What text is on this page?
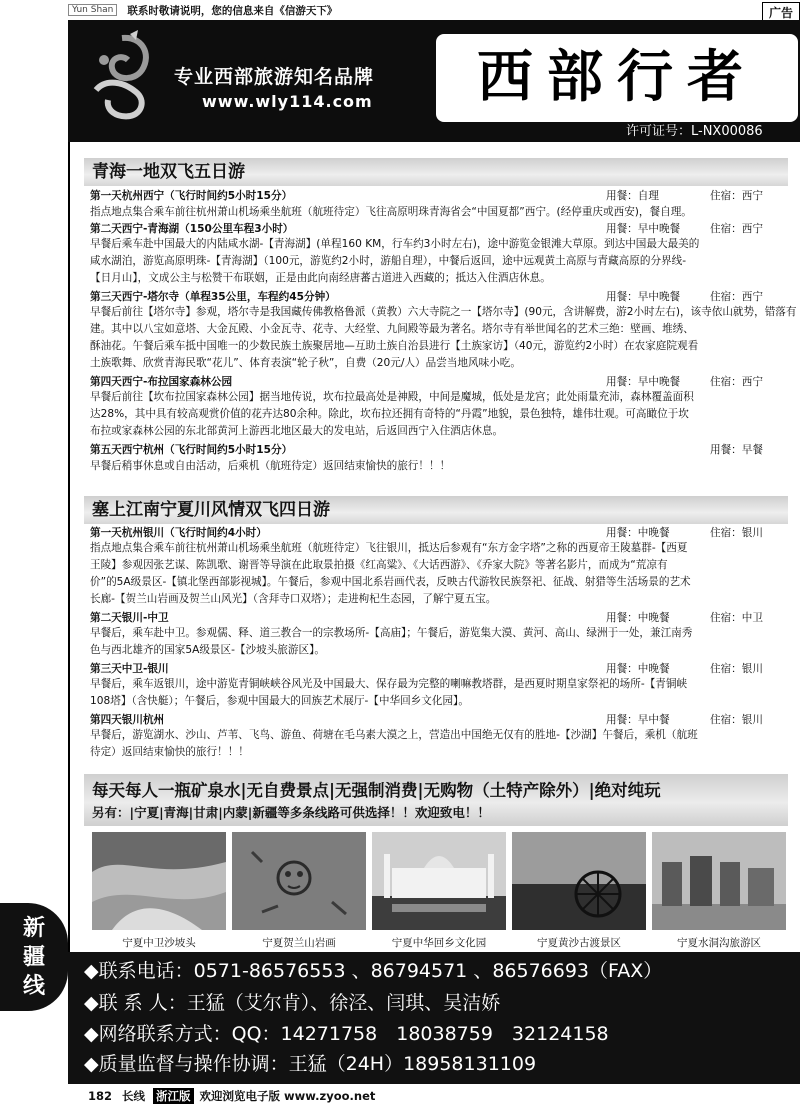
Yun Shan	联系时敬请说明，您的信息来自《信游天下》	广告
新
疆
线
专业西部旅游知名品牌
www.wly114.com	西部行者
许可证号：L-NX00086
青海一地双飞五日游
第一天杭州西宁（飞行时间约5小时15分）	用餐：自理	住宿：西宁
指点地点集合乘车前往杭州萧山机场乘坐航班（航班待定）飞往高原明珠青海省会“中国夏都”西宁。(经停重庆或西安)，餐自理。
第二天西宁-青海湖（150公里车程3小时）	用餐：早中晚餐	住宿：西宁
早餐后乘车赴中国最大的内陆咸水湖-【青海湖】(单程160 KM，行车约3小时左右)，途中游览金银滩大草原。到达中国最大最美的
咸水湖泊，游览高原明珠-【青海湖】（100元，游览约2小时，游船自理），中餐后返回，途中远观黄土高原与青藏高原的分界线-
【日月山】，文成公主与松赞干布联姻，正是由此向南经唐蕃古道进入西藏的；抵达入住酒店休息。
第三天西宁-塔尔寺（单程35公里，车程约45分钟）	用餐：早中晚餐	住宿：西宁
早餐后前往【塔尔寺】参观，塔尔寺是我国藏传佛教格鲁派（黄教）六大寺院之一【塔尔寺】(90元，含讲解费，游2小时左右)，该寺依山就势，错落有
建。其中以八宝如意塔、大金瓦殿、小金瓦寺、花寺、大经堂、九间殿等最为著名。塔尔寺有举世闻名的艺术三绝：壁画、堆绣、
酥油花。午餐后乘车抵中国唯一的少数民族土族聚居地—互助土族自治县进行【土族家访】（40元，游览约2小时）在农家庭院观看
土族歌舞、欣赏青海民歌“花儿”、体育表演“轮子秋”，自费（20元/人）品尝当地风味小吃。
第四天西宁-布拉国家森林公园	用餐：早中晚餐	住宿：西宁
早餐后前往【坎布拉国家森林公园】据当地传说，坎布拉最高处是神殿，中间是魔城，低处是龙宫；此处雨量充沛，森林覆盖面积
达28%，其中具有较高观赏价值的花卉达80余种。除此，坎布拉还拥有奇特的“丹霞”地貌，景色独特，雄伟壮观。可高瞰位于坎
布拉或家森林公园的东北部黄河上游西北地区最大的发电站，后返回西宁入住酒店休息。
第五天西宁杭州（飞行时间约5小时15分）	用餐：早餐
早餐后稍事休息或自由活动，后乘机（航班待定）返回结束愉快的旅行！！！
塞上江南宁夏川风情双飞四日游
第一天杭州银川（飞行时间约4小时）	用餐：中晚餐	住宿：银川
指点地点集合乘车前往杭州萧山机场乘坐航班（航班待定）飞往银川，抵达后参观有“东方金字塔”之称的西夏帝王陵墓群-【西夏
王陵】参观因张艺谋、陈凯歌、谢晋等导演在此取景拍摄《红高粱》、《大话西游》、《乔家大院》等著名影片，而成为“荒凉有
价”的5A级景区-【镇北堡西部影视城】。午餐后，参观中国北系岩画代表，反映古代游牧民族祭祀、征战、射猎等生活场景的艺术
长廊-【贺兰山岩画及贺兰山风光】（含拜寺口双塔）；走进枸杞生态园，了解宁夏五宝。
第二天银川-中卫	用餐：中晚餐	住宿：中卫
早餐后，乘车赴中卫。参观儒、释、道三教合一的宗教场所-【高庙】；午餐后，游览集大漠、黄河、高山、绿洲于一处，兼江南秀
色与西北雄齐的国家5A级景区-【沙坡头旅游区】。
第三天中卫-银川	用餐：中晚餐	住宿：银川
早餐后，乘车返银川，途中游览青铜峡峡谷风光及中国最大、保存最为完整的喇嘛教塔群，是西夏时期皇家祭祀的场所-【青铜峡
108塔】（含快艇）；午餐后，参观中国最大的回族艺术展厅-【中华回乡文化园】。
第四天银川杭州	用餐：早中餐	住宿：银川
早餐后，游览湖水、沙山、芦苇、飞鸟、游鱼、荷塘在毛乌素大漠之上，营造出中国绝无仅有的胜地-【沙湖】午餐后，乘机（航班
待定）返回结束愉快的旅行！！！
每天每人一瓶矿泉水|无自费景点|无强制消费|无购物（土特产除外）|绝对纯玩
另有：|宁夏|青海|甘肃|内蒙|新疆等多条线路可供选择！！欢迎致电！！
宁夏中卫沙坡头	宁夏贺兰山岩画	宁夏中华回乡文化园	宁夏黄沙古渡景区	宁夏水洞沟旅游区
◆联系电话：0571-86576553 、86794571 、86576693（FAX）
◆联 系 人：王猛（艾尔肯）、徐泾、闫琪、吴洁娇
◆网络联系方式：QQ：14271758　18038759　32124158
◆质量监督与操作协调：王猛（24H）18958131109
182 长线 浙江版 欢迎浏览电子版 www.zyoo.net
